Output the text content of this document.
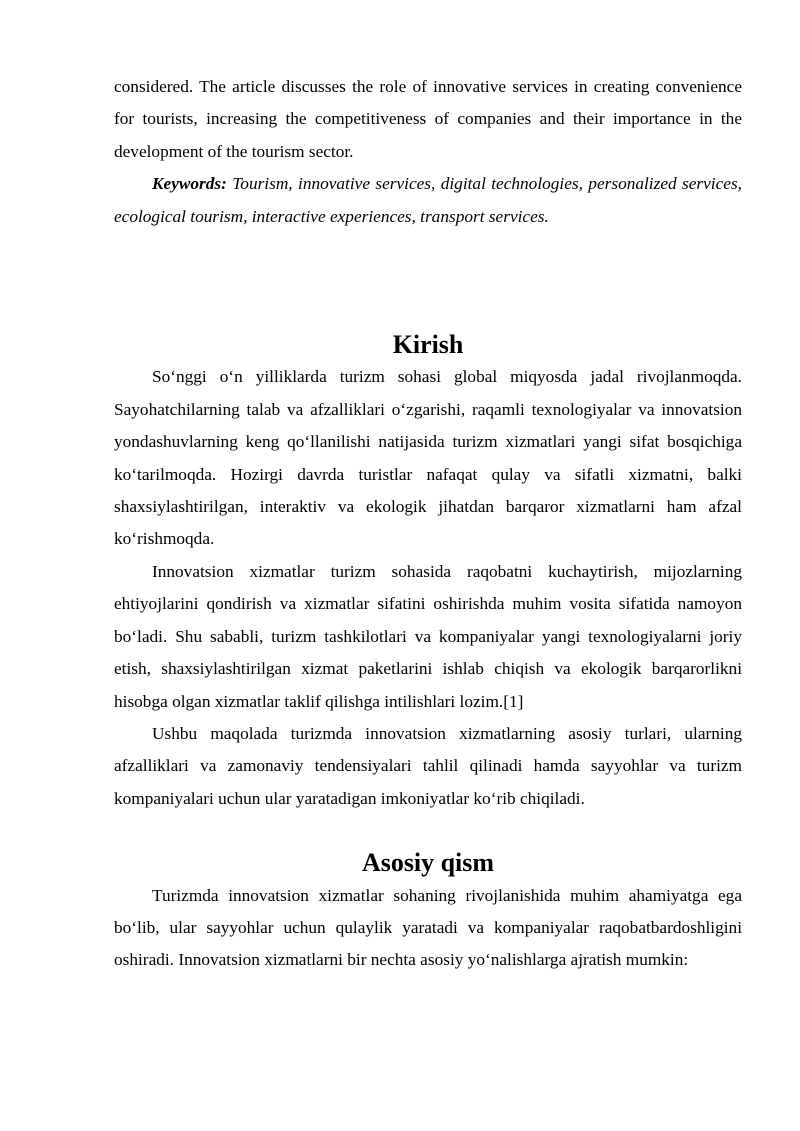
considered. The article discusses the role of innovative services in creating convenience for tourists, increasing the competitiveness of companies and their importance in the development of the tourism sector.

Keywords: Tourism, innovative services, digital technologies, personalized services, ecological tourism, interactive experiences, transport services.

Kirish

So‘nggi o‘n yilliklarda turizm sohasi global miqyosda jadal rivojlanmoqda. Sayohatchilarning talab va afzalliklari o‘zgarishi, raqamli texnologiyalar va innovatsion yondashuvlarning keng qo‘llanilishi natijasida turizm xizmatlari yangi sifat bosqichiga ko‘tarilmoqda. Hozirgi davrda turistlar nafaqat qulay va sifatli xizmatni, balki shaxsiylashtirilgan, interaktiv va ekologik jihatdan barqaror xizmatlarni ham afzal ko‘rishmoqda.

Innovatsion xizmatlar turizm sohasida raqobatni kuchaytirish, mijozlarning ehtiyojlarini qondirish va xizmatlar sifatini oshirishda muhim vosita sifatida namoyon bo‘ladi. Shu sababli, turizm tashkilotlari va kompaniyalar yangi texnologiyalarni joriy etish, shaxsiylashtirilgan xizmat paketlarini ishlab chiqish va ekologik barqarorlikni hisobga olgan xizmatlar taklif qilishga intilishlari lozim.[1]

Ushbu maqolada turizmda innovatsion xizmatlarning asosiy turlari, ularning afzalliklari va zamonaviy tendensiyalari tahlil qilinadi hamda sayyohlar va turizm kompaniyalari uchun ular yaratadigan imkoniyatlar ko‘rib chiqiladi.

Asosiy qism

Turizmda innovatsion xizmatlar sohaning rivojlanishida muhim ahamiyatga ega bo‘lib, ular sayyohlar uchun qulaylik yaratadi va kompaniyalar raqobatbardoshligini oshiradi. Innovatsion xizmatlarni bir nechta asosiy yo‘nalishlarga ajratish mumkin:
